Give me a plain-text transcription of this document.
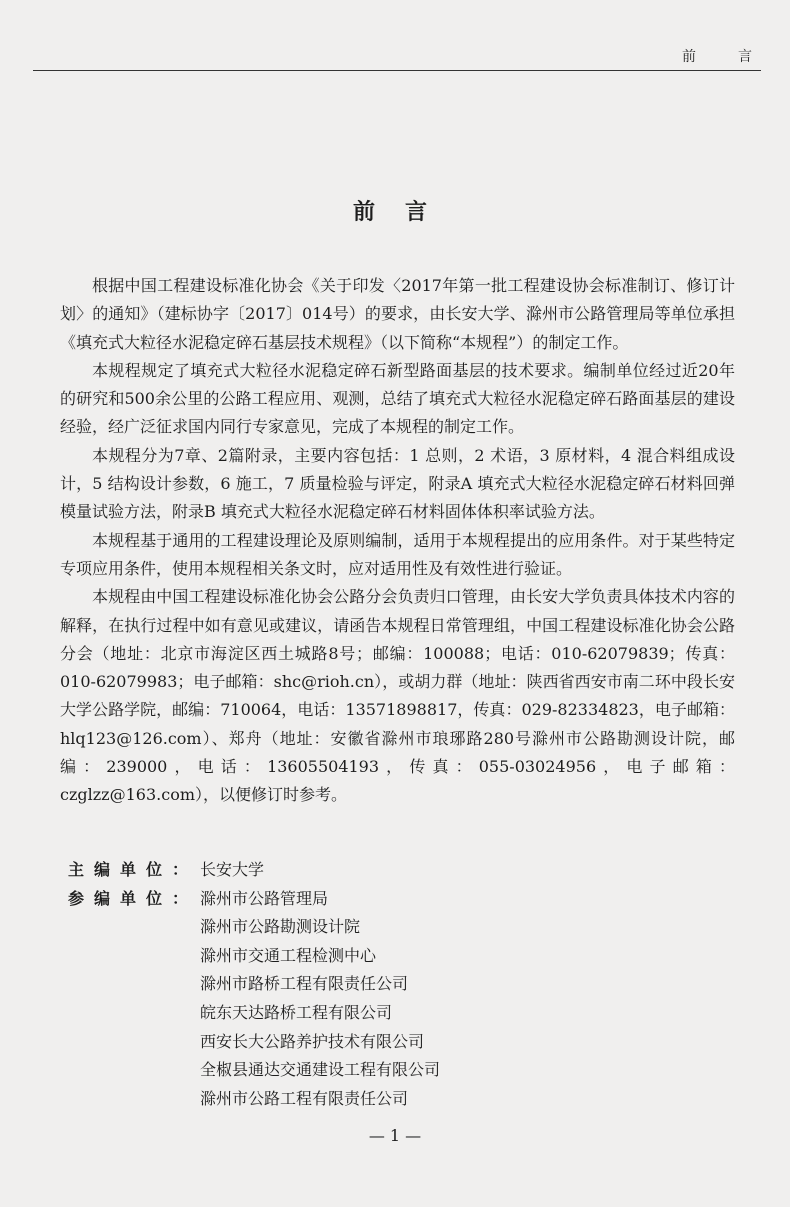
前　言
前言

根据中国工程建设标准化协会《关于印发〈2017年第一批工程建设协会标准制订、修订计划〉的通知》（建标协字〔2017〕014号）的要求，由长安大学、滁州市公路管理局等单位承担《填充式大粒径水泥稳定碎石基层技术规程》（以下简称“本规程”）的制定工作。

本规程规定了填充式大粒径水泥稳定碎石新型路面基层的技术要求。编制单位经过近20年的研究和500余公里的公路工程应用、观测，总结了填充式大粒径水泥稳定碎石路面基层的建设经验，经广泛征求国内同行专家意见，完成了本规程的制定工作。

本规程分为7章、2篇附录，主要内容包括：1 总则，2 术语，3 原材料，4 混合料组成设计，5 结构设计参数，6 施工，7 质量检验与评定，附录A 填充式大粒径水泥稳定碎石材料回弹模量试验方法，附录B 填充式大粒径水泥稳定碎石材料固体体积率试验方法。

本规程基于通用的工程建设理论及原则编制，适用于本规程提出的应用条件。对于某些特定专项应用条件，使用本规程相关条文时，应对适用性及有效性进行验证。

本规程由中国工程建设标准化协会公路分会负责归口管理，由长安大学负责具体技术内容的解释，在执行过程中如有意见或建议，请函告本规程日常管理组，中国工程建设标准化协会公路分会（地址：北京市海淀区西土城路8号；邮编：100088；电话：010-62079839；传真：010-62079983；电子邮箱：shc@rioh.cn），或胡力群（地址：陕西省西安市南二环中段长安大学公路学院，邮编：710064，电话：13571898817，传真：029-82334823，电子邮箱：hlq123@126.com）、郑舟（地址：安徽省滁州市琅琊路280号滁州市公路勘测设计院，邮编：239000，电话：13605504193，传真：055-03024956，电子邮箱：czglzz@163.com），以便修订时参考。

主编单位： 长安大学
参编单位： 滁州市公路管理局
滁州市公路勘测设计院
滁州市交通工程检测中心
滁州市路桥工程有限责任公司
皖东天达路桥工程有限公司
西安长大公路养护技术有限公司
全椒县通达交通建设工程有限公司
滁州市公路工程有限责任公司
— 1 —
